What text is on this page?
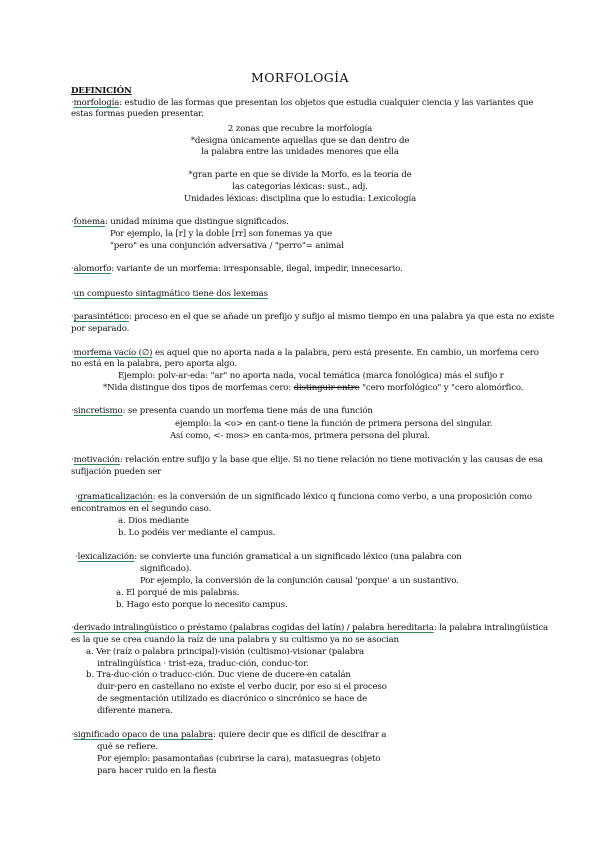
MORFOLOGÍA
DEFINICIÓN
·morfología: estudio de las formas que presentan los objetos que estudia cualquier ciencia y las variantes que
estas formas pueden presentar.
2 zonas que recubre la morfología
*designa únicamente aquellas que se dan dentro de
la palabra entre las unidades menores que ella
*gran parte en que se divide la Morfo. es la teoría de
las categorías léxicas: sust., adj.
Unidades léxicas: disciplina que lo estudia: Lexicología
·fonema: unidad mínima que distingue significados.
Por ejemplo, la [r] y la doble [rr] son fonemas ya que
"pero" es una conjunción adversativa / "perro"= animal
·alomorfo: variante de un morfema: irresponsable, ilegal, impedir, innecesario.
·un compuesto sintagmático tiene dos lexemas
·parasintético: proceso en el que se añade un prefijo y sufijo al mismo tiempo en una palabra ya que esta no existe
por separado.
·morfema vacío (∅) es aquel que no aporta nada a la palabra, pero está presente. En cambio, un morfema cero
no está en la palabra, pero aporta algo.
Ejemplo: polv-ar-eda: "ar" no aporta nada, vocal temática (marca fonológica) más el sufijo r
*Nida distingue dos tipos de morfemas cero: distinguir entre "cero morfológico" y "cero alomórfico.
·sincretismo: se presenta cuando un morfema tiene más de una función
ejemplo: la <o> en cant-o tiene la función de primera persona del singular.
Así como, <- mos> en canta-mos, primera persona del plural.
·motivación: relación entre sufijo y la base que elije. Si no tiene relación no tiene motivación y las causas de esa
sufijación pueden ser
·gramaticalización: es la conversión de un significado léxico q funciona como verbo, a una proposición como
encontramos en el segundo caso.
a. Dios mediante
b. Lo podéis ver mediante el campus.
·lexicalización: se convierte una función gramatical a un significado léxico (una palabra con
significado).
Por ejemplo, la conversión de la conjunción causal 'porque' a un sustantivo.
a. El porqué de mis palabras.
b. Hago esto porque lo necesito campus.
·derivado intralingüístico o préstamo (palabras cogidas del latín) / palabra hereditaria: la palabra intralingüística
es la que se crea cuando la raíz de una palabra y su cultismo ya no se asocian
a. Ver (raíz o palabra principal)-visión (cultismo)-visionar (palabra
intralingüística · trist-eza, traduc-ción, conduc-tor.
b. Tra-duc-ción o traducc-ción. Duc viene de ducere-en catalán
duir-pero en castellano no existe el verbo ducir, por eso si el proceso
de segmentación utilizado es diacrónico o sincrónico se hace de
diferente manera.
·significado opaco de una palabra: quiere decir que es difícil de descifrar a
qué se refiere.
Por ejemplo: pasamontañas (cubrirse la cara), matasuegras (objeto
para hacer ruido en la fiesta
